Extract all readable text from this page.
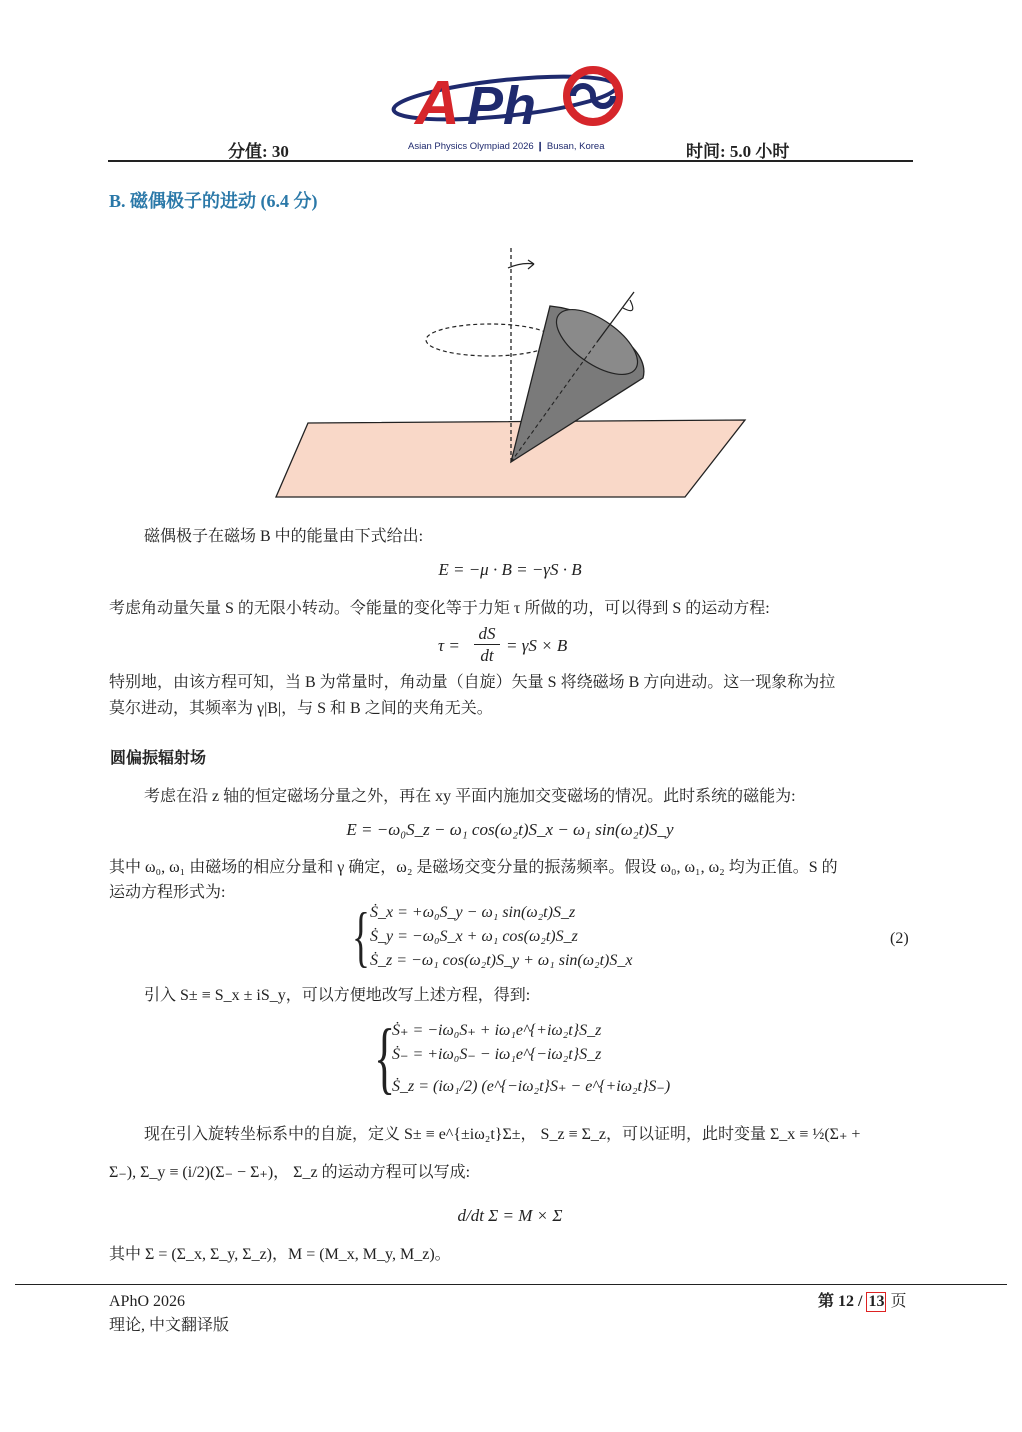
A Ph
Asian Physics Olympiad 2026 ❙ Busan, Korea
分值: 30	时间: 5.0 小时
B. 磁偶极子的进动 (6.4 分)
磁偶极子在磁场 B 中的能量由下式给出:
E = −μ · B = −γS · B
考虑角动量矢量 S 的无限小转动。令能量的变化等于力矩 τ 所做的功，可以得到 S 的运动方程:
τ =
dS
dt
= γS × B
特别地，由该方程可知，当 B 为常量时，角动量（自旋）矢量 S 将绕磁场 B 方向进动。这一现象称为拉
莫尔进动，其频率为 γ|B|，与 S 和 B 之间的夹角无关。
圆偏振辐射场
考虑在沿 z 轴的恒定磁场分量之外，再在 xy 平面内施加交变磁场的情况。此时系统的磁能为:
E = −ω₀S_z − ω₁ cos(ω₂t)S_x − ω₁ sin(ω₂t)S_y
其中 ω₀, ω₁ 由磁场的相应分量和 γ 确定，ω₂ 是磁场交变分量的振荡频率。假设 ω₀, ω₁, ω₂ 均为正值。S 的
运动方程形式为:
{ Ṡ_x = +ω₀S_y − ω₁ sin(ω₂t)S_z
Ṡ_y = −ω₀S_x + ω₁ cos(ω₂t)S_z
Ṡ_z = −ω₁ cos(ω₂t)S_y + ω₁ sin(ω₂t)S_x
(2)
引入 S± ≡ S_x ± iS_y，可以方便地改写上述方程，得到:
{
Ṡ₊ = −iω₀S₊ + iω₁e^{+iω₂t}S_z
Ṡ₋ = +iω₀S₋ − iω₁e^{−iω₂t}S_z
Ṡ_z = (iω₁/2) (e^{−iω₂t}S₊ − e^{+iω₂t}S₋)
现在引入旋转坐标系中的自旋，定义 S± ≡ e^{±iω₂t}Σ±， S_z ≡ Σ_z，可以证明，此时变量 Σ_x ≡ ½(Σ₊ +
Σ₋), Σ_y ≡ (i/2)(Σ₋ − Σ₊)， Σ_z 的运动方程可以写成:
d/dt Σ = M × Σ
其中 Σ = (Σ_x, Σ_y, Σ_z)，M = (M_x, M_y, M_z)。
APhO 2026
理论, 中文翻译版
第 12 / 13 页
